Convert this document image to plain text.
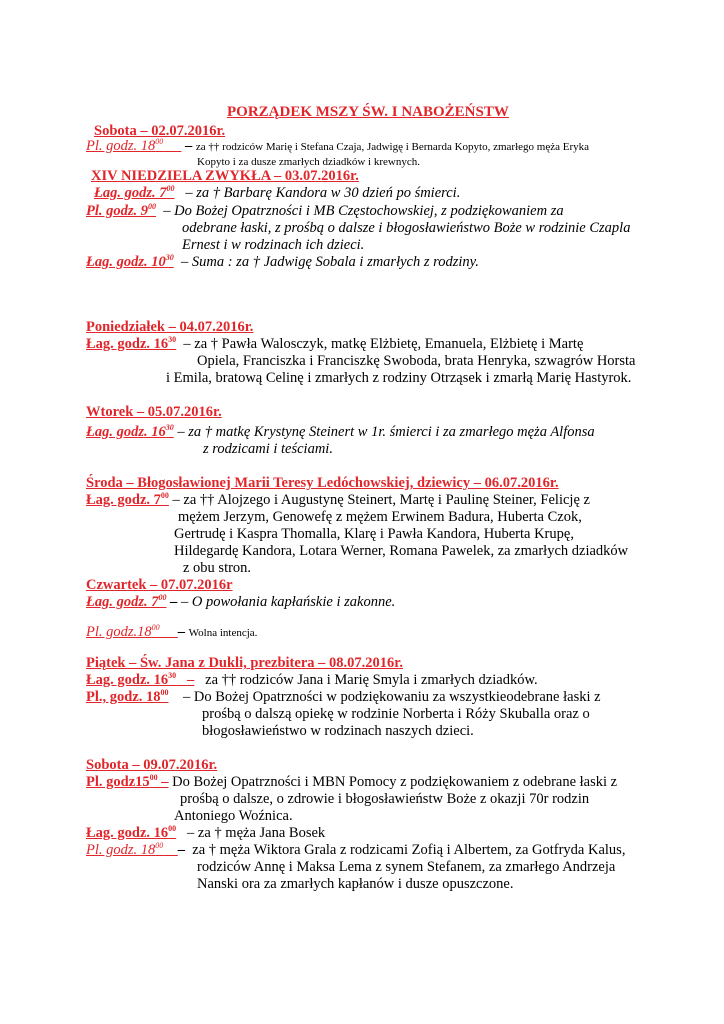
PORZĄDEK MSZY ŚW. I NABOŻEŃSTW
Sobota – 02.07.2016r.
Pl. godz. $18^{00}$ – za †† rodziców Marię i Stefana Czaja, Jadwigę i Bernarda Kopyto, zmarłego męża Eryka
Kopyto i za dusze zmarłych dziadków i krewnych.
XIV NIEDZIELA ZWYKŁA – 03.07.2016r.
Łag. godz. $7^{00}$ – za † Barbarę Kandora w 30 dzień po śmierci.
Pl. godz. $9^{00}$ – Do Bożej Opatrzności i MB Częstochowskiej, z podziękowaniem za
odebrane łaski, z prośbą o dalsze i błogosławieństwo Boże w rodzinie Czapla
Ernest i w rodzinach ich dzieci.
Łag. godz. $10^{30}$ – Suma : za † Jadwigę Sobala i zmarłych z rodziny.
Poniedziałek – 04.07.2016r.
Łag. godz. $16^{30}$ – za † Pawła Walosczyk, matkę Elżbietę, Emanuela, Elżbietę i Martę
Opiela, Franciszka i Franciszkę Swoboda, brata Henryka, szwagrów Horsta
i Emila, bratową Celinę i zmarłych z rodziny Otrząsek i zmarłą Marię Hastyrok.
Wtorek – 05.07.2016r.
Łag. godz. $16^{30}$ – za † matkę Krystynę Steinert w 1r. śmierci i za zmarłego męża Alfonsa
z rodzicami i teściami.
Środa – Błogosławionej Marii Teresy Ledóchowskiej, dziewicy – 06.07.2016r.
Łag. godz. $7^{00}$ – za †† Alojzego i Augustynę Steinert, Martę i Paulinę Steiner, Felicję z
mężem Jerzym, Genowefę z mężem Erwinem Badura, Huberta Czok,
Gertrudę i Kaspra Thomalla, Klarę i Pawła Kandora, Huberta Krupę,
Hildegardę Kandora, Lotara Werner, Romana Pawelek, za zmarłych dziadków
z obu stron.
Czwartek – 07.07.2016r
Łag. godz. $7^{00}$ – – O powołania kapłańskie i zakonne.
Pl. $godz.18^{00}$ – Wolna intencja.
Piątek – Św. Jana z Dukli, prezbitera – 08.07.2016r.
Łag. godz. $16^{30}$ – za †† rodziców Jana i Marię Smyla i zmarłych dziadków.
Pl., godz. $18^{00}$ – Do Bożej Opatrzności w podziękowaniu za wszystkieodebrane łaski z
prośbą o dalszą opiekę w rodzinie Norberta i Róży Skuballa oraz o
błogosławieństwo w rodzinach naszych dzieci.
Sobota – 09.07.2016r.
Pl. $godz15^{00}$ – Do Bożej Opatrzności i MBN Pomocy z podziękowaniem z odebrane łaski z
prośbą o dalsze, o zdrowie i błogosławieństw Boże z okazji 70r rodzin
Antoniego Woźnica.
Łag. godz. $16^{00}$ – za † męża Jana Bosek
Pl. godz. $18^{00}$ – za † męża Wiktora Grala z rodzicami Zofią i Albertem, za Gotfryda Kalus,
rodziców Annę i Maksa Lema z synem Stefanem, za zmarłego Andrzeja
Nanski ora za zmarłych kapłanów i dusze opuszczone.
